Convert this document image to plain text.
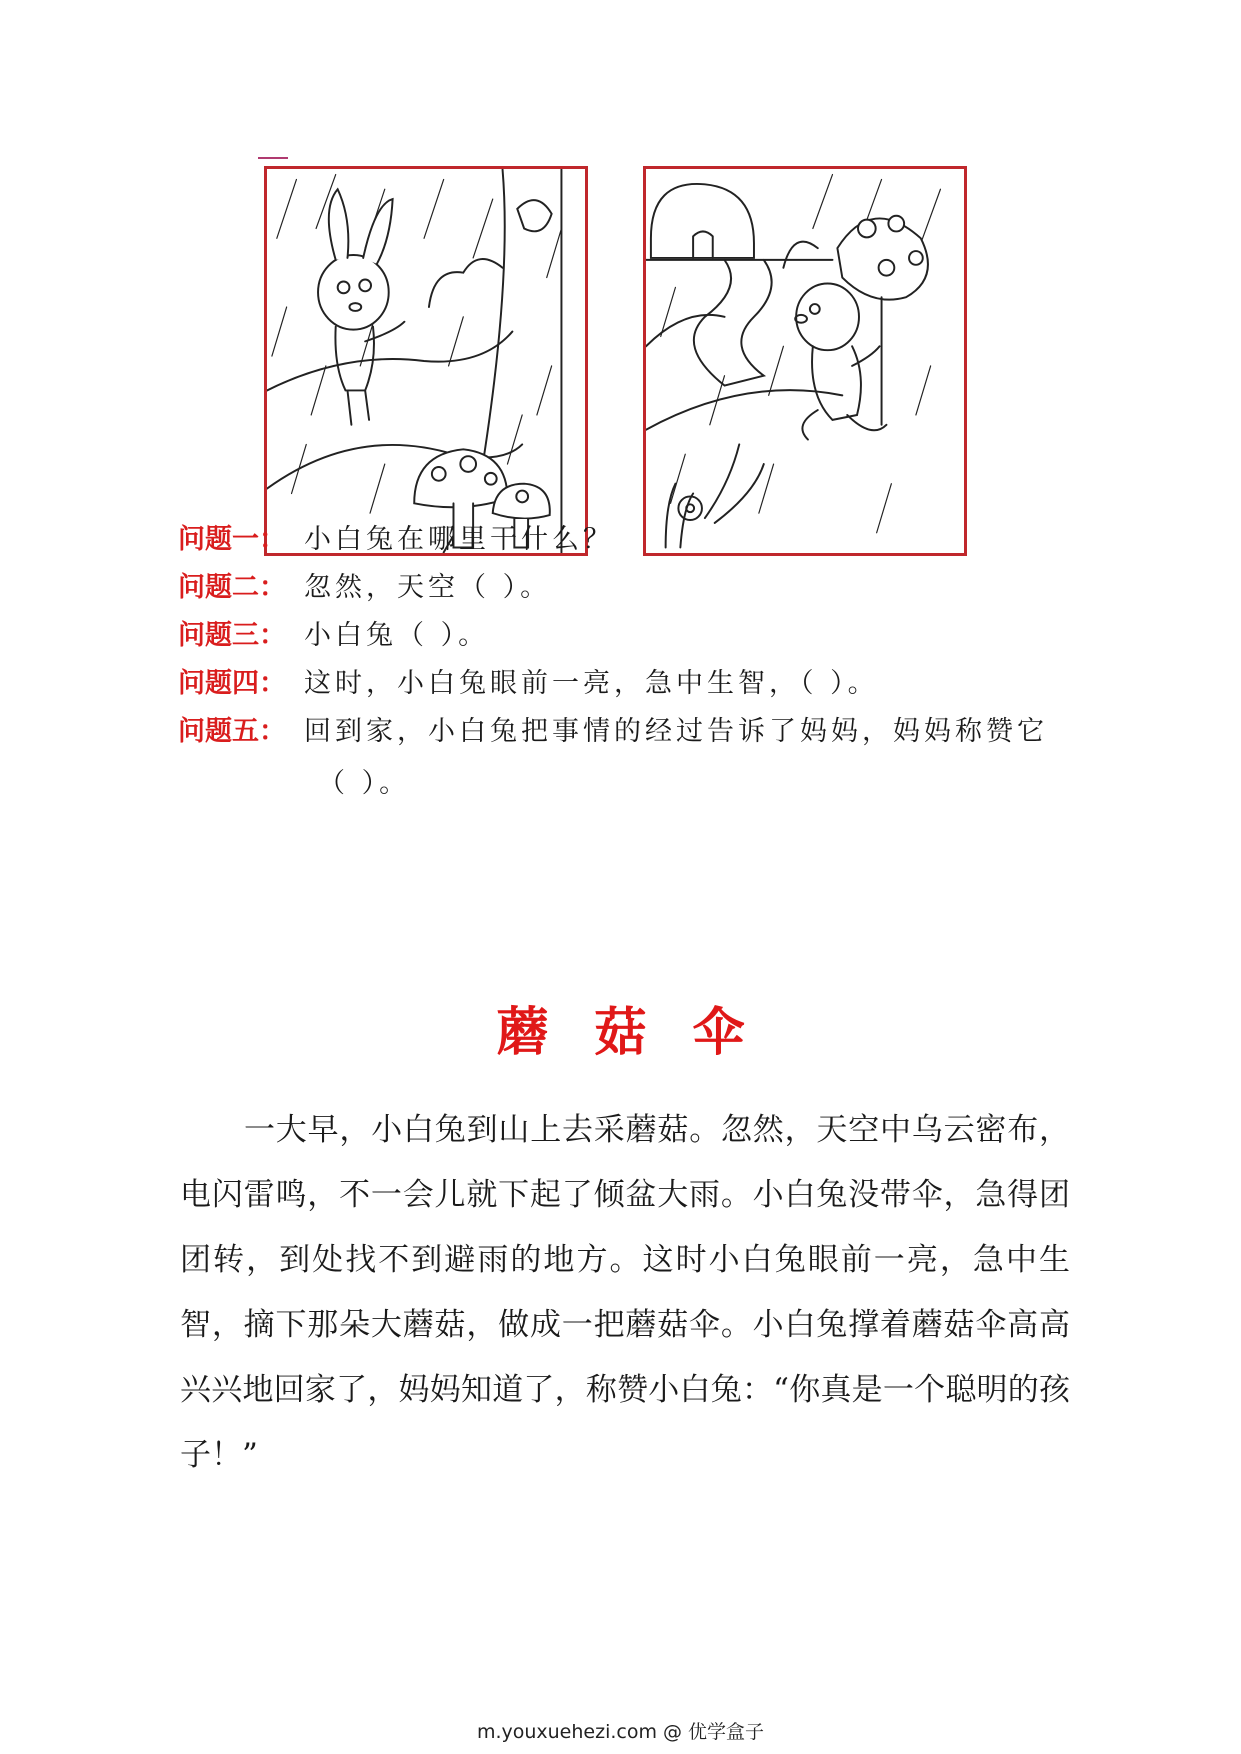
问题一： 小白兔在哪里干什么？
问题二： 忽然，天空（ ）。
问题三： 小白兔（ ）。
问题四： 这时，小白兔眼前一亮，急中生智，（ ）。
问题五： 回到家，小白兔把事情的经过告诉了妈妈，妈妈称赞它
（ ）。
蘑菇伞

一大早，小白兔到山上去采蘑菇。忽然，天空中乌云密布，电闪雷鸣，不一会儿就下起了倾盆大雨。小白兔没带伞，急得团团转，到处找不到避雨的地方。这时小白兔眼前一亮，急中生智，摘下那朵大蘑菇，做成一把蘑菇伞。小白兔撑着蘑菇伞高高兴兴地回家了，妈妈知道了，称赞小白兔：“你真是一个聪明的孩子！”

m.youxuehezi.com @ 优学盒子
